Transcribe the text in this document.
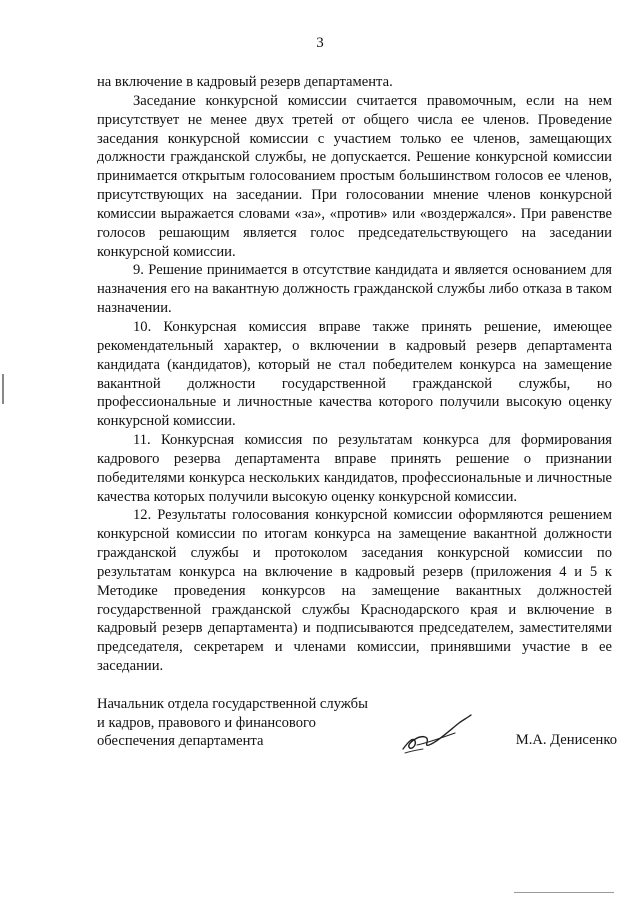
3

на включение в кадровый резерв департамента.

Заседание конкурсной комиссии считается правомочным, если на нем присутствует не менее двух третей от общего числа ее членов. Проведение заседания конкурсной комиссии с участием только ее членов, замещающих должности гражданской службы, не допускается. Решение конкурсной комиссии принимается открытым голосованием простым большинством голосов ее членов, присутствующих на заседании. При голосовании мнение членов конкурсной комиссии выражается словами «за», «против» или «воздержался». При равенстве голосов решающим является голос председательствующего на заседании конкурсной комиссии.

9. Решение принимается в отсутствие кандидата и является основанием для назначения его на вакантную должность гражданской службы либо отказа в таком назначении.

10. Конкурсная комиссия вправе также принять решение, имеющее рекомендательный характер, о включении в кадровый резерв департамента кандидата (кандидатов), который не стал победителем конкурса на замещение вакантной должности государственной гражданской службы, но профессиональные и личностные качества которого получили высокую оценку конкурсной комиссии.

11. Конкурсная комиссия по результатам конкурса для формирования кадрового резерва департамента вправе принять решение о признании победителями конкурса нескольких кандидатов, профессиональные и личностные качества которых получили высокую оценку конкурсной комиссии.

12. Результаты голосования конкурсной комиссии оформляются решением конкурсной комиссии по итогам конкурса на замещение вакантной должности гражданской службы и протоколом заседания конкурсной комиссии по результатам конкурса на включение в кадровый резерв (приложения 4 и 5 к Методике проведения конкурсов на замещение вакантных должностей государственной гражданской службы Краснодарского края и включение в кадровый резерв департамента) и подписываются председателем, заместителями председателя, секретарем и членами комиссии, принявшими участие в ее заседании.

Начальник отдела государственной службы
и кадров, правового и финансового
обеспечения департамента	М.А. Денисенко
